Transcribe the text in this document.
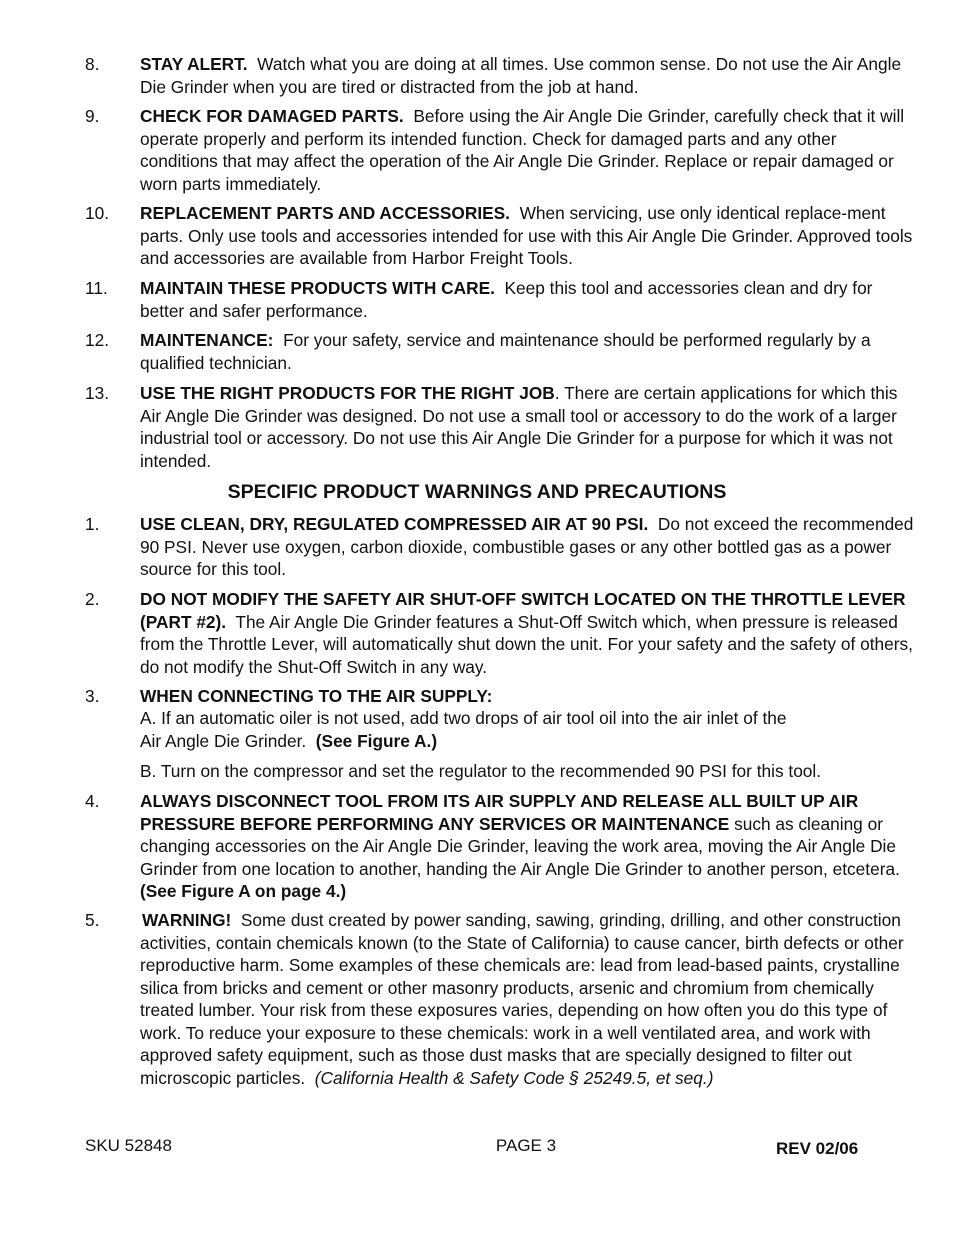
8. STAY ALERT. Watch what you are doing at all times. Use common sense. Do not use the Air Angle Die Grinder when you are tired or distracted from the job at hand.
9. CHECK FOR DAMAGED PARTS. Before using the Air Angle Die Grinder, carefully check that it will operate properly and perform its intended function. Check for damaged parts and any other conditions that may affect the operation of the Air Angle Die Grinder. Replace or repair damaged or worn parts immediately.
10. REPLACEMENT PARTS AND ACCESSORIES. When servicing, use only identical replace-ment parts. Only use tools and accessories intended for use with this Air Angle Die Grinder. Approved tools and accessories are available from Harbor Freight Tools.
11. MAINTAIN THESE PRODUCTS WITH CARE. Keep this tool and accessories clean and dry for better and safer performance.
12. MAINTENANCE: For your safety, service and maintenance should be performed regularly by a qualified technician.
13. USE THE RIGHT PRODUCTS FOR THE RIGHT JOB. There are certain applications for which this Air Angle Die Grinder was designed. Do not use a small tool or accessory to do the work of a larger industrial tool or accessory. Do not use this Air Angle Die Grinder for a purpose for which it was not intended.
SPECIFIC PRODUCT WARNINGS AND PRECAUTIONS
1. USE CLEAN, DRY, REGULATED COMPRESSED AIR AT 90 PSI. Do not exceed the recommended 90 PSI. Never use oxygen, carbon dioxide, combustible gases or any other bottled gas as a power source for this tool.
2. DO NOT MODIFY THE SAFETY AIR SHUT-OFF SWITCH LOCATED ON THE THROTTLE LEVER (PART #2). The Air Angle Die Grinder features a Shut-Off Switch which, when pressure is released from the Throttle Lever, will automatically shut down the unit. For your safety and the safety of others, do not modify the Shut-Off Switch in any way.
3. WHEN CONNECTING TO THE AIR SUPPLY:
A. If an automatic oiler is not used, add two drops of air tool oil into the air inlet of the Air Angle Die Grinder. (See Figure A.)
B. Turn on the compressor and set the regulator to the recommended 90 PSI for this tool.
4. ALWAYS DISCONNECT TOOL FROM ITS AIR SUPPLY AND RELEASE ALL BUILT UP AIR PRESSURE BEFORE PERFORMING ANY SERVICES OR MAINTENANCE such as cleaning or changing accessories on the Air Angle Die Grinder, leaving the work area, moving the Air Angle Die Grinder from one location to another, handing the Air Angle Die Grinder to another person, etcetera.  (See Figure A on page 4.)
5. WARNING! Some dust created by power sanding, sawing, grinding, drilling, and other construction activities, contain chemicals known (to the State of California) to cause cancer, birth defects or other reproductive harm. Some examples of these chemicals are: lead from lead-based paints, crystalline silica from bricks and cement or other masonry products, arsenic and chromium from chemically treated lumber. Your risk from these exposures varies, depending on how often you do this type of work. To reduce your exposure to these chemicals: work in a well ventilated area, and work with approved safety equipment, such as those dust masks that are specially designed to filter out microscopic particles. (California Health & Safety Code § 25249.5, et seq.)
SKU 52848	PAGE 3	REV 02/06
